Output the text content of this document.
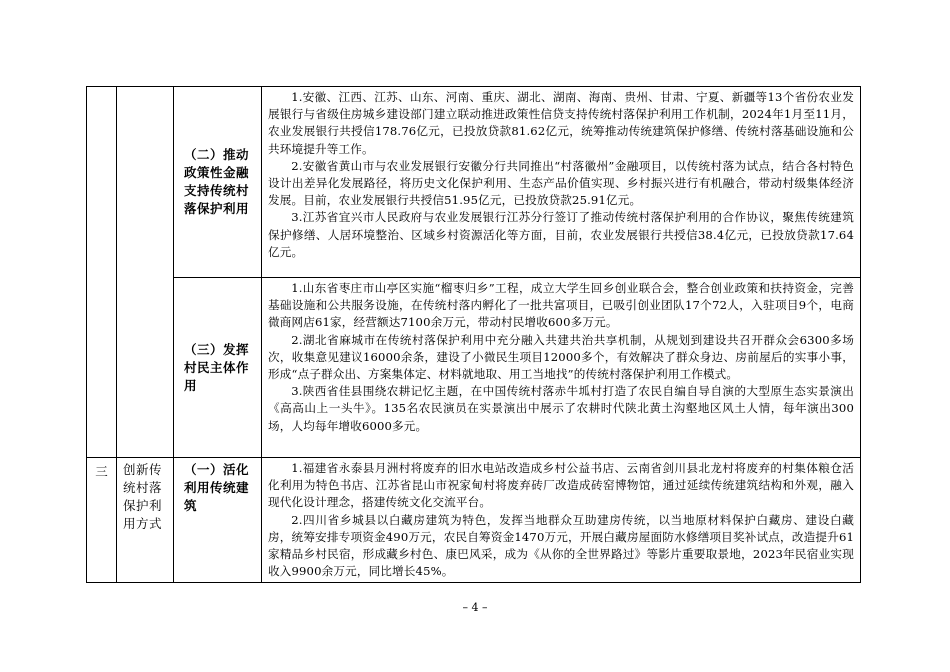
		（二）推动政策性金融支持传统村落保护利用	1.安徽、江西、江苏、山东、河南、重庆、湖北、湖南、海南、贵州、甘肃、宁夏、新疆等13个省份农业发展银行与省级住房城乡建设部门建立联动推进政策性信贷支持传统村落保护利用工作机制，2024年1月至11月，农业发展银行共授信178.76亿元，已投放贷款81.62亿元，统筹推动传统建筑保护修缮、传统村落基础设施和公共环境提升等工作。

2.安徽省黄山市与农业发展银行安徽分行共同推出“村落徽州”金融项目，以传统村落为试点，结合各村特色设计出差异化发展路径，将历史文化保护利用、生态产品价值实现、乡村振兴进行有机融合，带动村级集体经济发展。目前，农业发展银行共授信51.95亿元，已投放贷款25.91亿元。

3.江苏省宜兴市人民政府与农业发展银行江苏分行签订了推动传统村落保护利用的合作协议，聚焦传统建筑保护修缮、人居环境整治、区域乡村资源活化等方面，目前，农业发展银行共授信38.4亿元，已投放贷款17.64亿元。

		（三）发挥村民主体作用	1.山东省枣庄市山亭区实施“榴枣归乡”工程，成立大学生回乡创业联合会，整合创业政策和扶持资金，完善基础设施和公共服务设施，在传统村落内孵化了一批共富项目，已吸引创业团队17个72人，入驻项目9个，电商微商网店61家，经营额达7100余万元，带动村民增收600多万元。

2.湖北省麻城市在传统村落保护利用中充分融入共建共治共享机制，从规划到建设共召开群众会6300多场次，收集意见建议16000余条，建设了小微民生项目12000多个，有效解决了群众身边、房前屋后的实事小事，形成“点子群众出、方案集体定、材料就地取、用工当地找”的传统村落保护利用工作模式。

3.陕西省佳县围绕农耕记忆主题，在中国传统村落赤牛坬村打造了农民自编自导自演的大型原生态实景演出《高高山上一头牛》。135名农民演员在实景演出中展示了农耕时代陕北黄土沟壑地区风土人情，每年演出300场，人均每年增收6000多元。

三	创新传统村落保护利用方式	（一）活化利用传统建筑	1.福建省永泰县月洲村将废弃的旧水电站改造成乡村公益书店、云南省剑川县北龙村将废弃的村集体粮仓活化利用为特色书店、江苏省昆山市祝家甸村将废弃砖厂改造成砖窑博物馆，通过延续传统建筑结构和外观，融入现代化设计理念，搭建传统文化交流平台。

2.四川省乡城县以白藏房建筑为特色，发挥当地群众互助建房传统，以当地原材料保护白藏房、建设白藏房，统筹安排专项资金490万元，农民自筹资金1470万元，开展白藏房屋面防水修缮项目奖补试点，改造提升61家精品乡村民宿，形成藏乡村色、康巴风采，成为《从你的全世界路过》等影片重要取景地，2023年民宿业实现收入9900余万元，同比增长45%。

– 4 –
